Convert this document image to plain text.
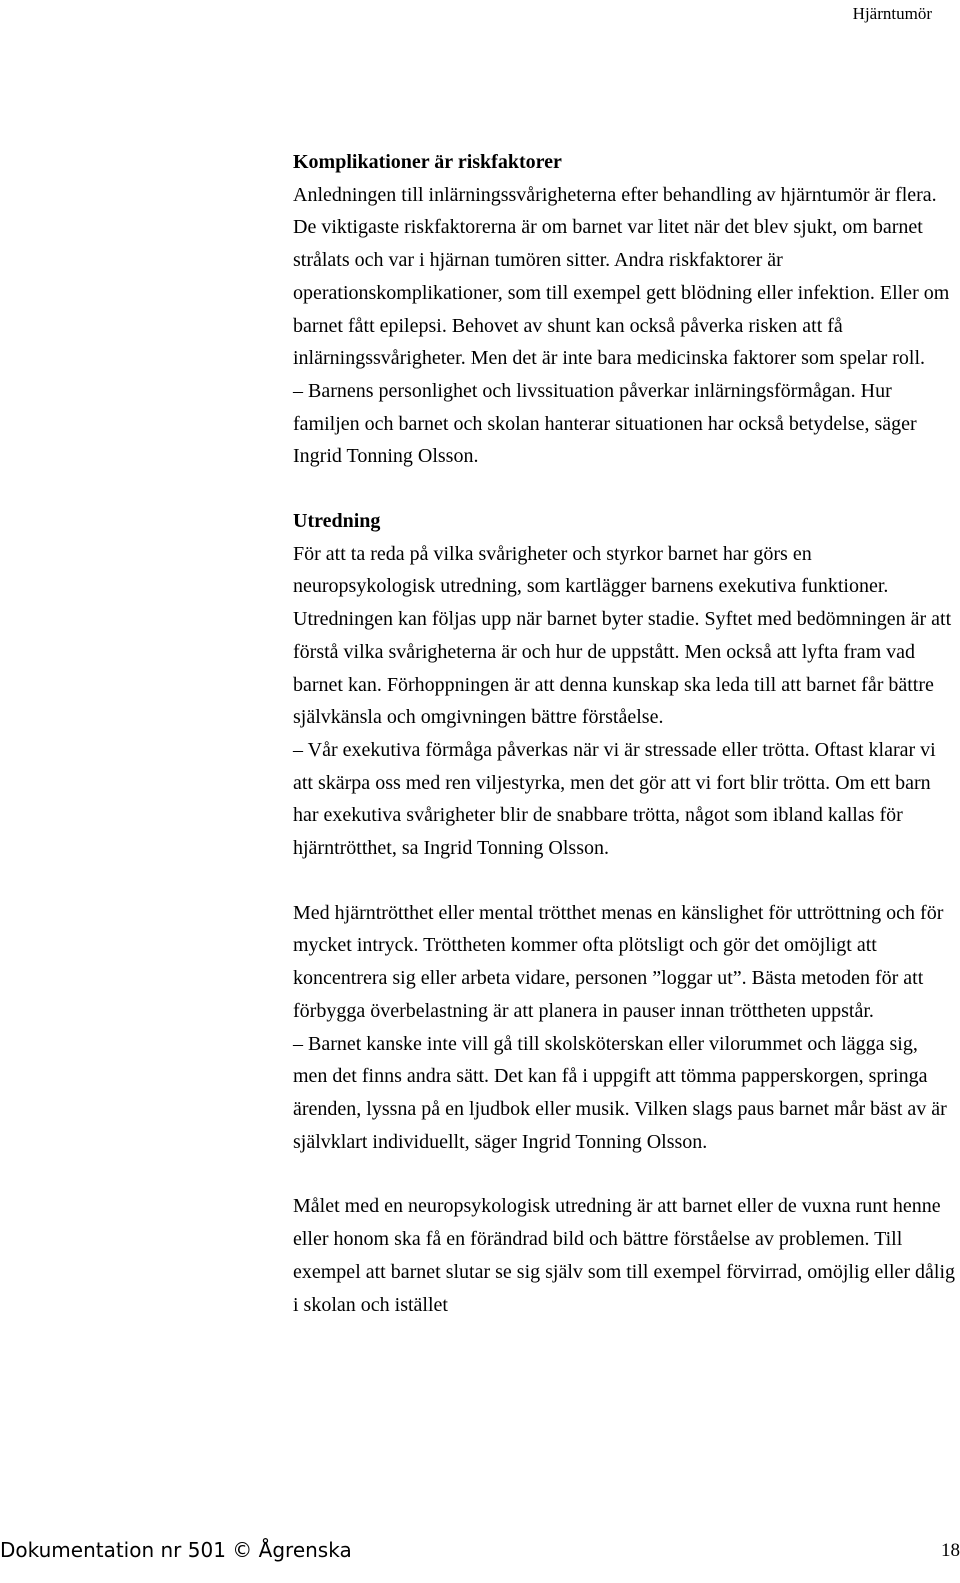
Hjärntumör
Komplikationer är riskfaktorer

Anledningen till inlärningssvårigheterna efter behandling av hjärntumör är flera. De viktigaste riskfaktorerna är om barnet var litet när det blev sjukt, om barnet strålats och var i hjärnan tumören sitter. Andra riskfaktorer är operationskomplikationer, som till exempel gett blödning eller infektion. Eller om barnet fått epilepsi. Behovet av shunt kan också påverka risken att få inlärningssvårigheter. Men det är inte bara medicinska faktorer som spelar roll.

– Barnens personlighet och livssituation påverkar inlärningsförmågan. Hur familjen och barnet och skolan hanterar situationen har också betydelse, säger Ingrid Tonning Olsson.

Utredning

För att ta reda på vilka svårigheter och styrkor barnet har görs en neuropsykologisk utredning, som kartlägger barnens exekutiva funktioner. Utredningen kan följas upp när barnet byter stadie. Syftet med bedömningen är att förstå vilka svårigheterna är och hur de uppstått. Men också att lyfta fram vad barnet kan. Förhoppningen är att denna kunskap ska leda till att barnet får bättre självkänsla och omgivningen bättre förståelse.

– Vår exekutiva förmåga påverkas när vi är stressade eller trötta. Oftast klarar vi att skärpa oss med ren viljestyrka, men det gör att vi fort blir trötta. Om ett barn har exekutiva svårigheter blir de snabbare trötta, något som ibland kallas för hjärntrötthet, sa Ingrid Tonning Olsson.

Med hjärntrötthet eller mental trötthet menas en känslighet för uttröttning och för mycket intryck. Tröttheten kommer ofta plötsligt och gör det omöjligt att koncentrera sig eller arbeta vidare, personen ”loggar ut”. Bästa metoden för att förbygga överbelastning är att planera in pauser innan tröttheten uppstår.

– Barnet kanske inte vill gå till skolsköterskan eller vilorummet och lägga sig, men det finns andra sätt. Det kan få i uppgift att tömma papperskorgen, springa ärenden, lyssna på en ljudbok eller musik. Vilken slags paus barnet mår bäst av är självklart individuellt, säger Ingrid Tonning Olsson.

Målet med en neuropsykologisk utredning är att barnet eller de vuxna runt henne eller honom ska få en förändrad bild och bättre förståelse av problemen. Till exempel att barnet slutar se sig själv som till exempel förvirrad, omöjlig eller dålig i skolan och istället

Dokumentation nr 501 © Ågrenska	18
